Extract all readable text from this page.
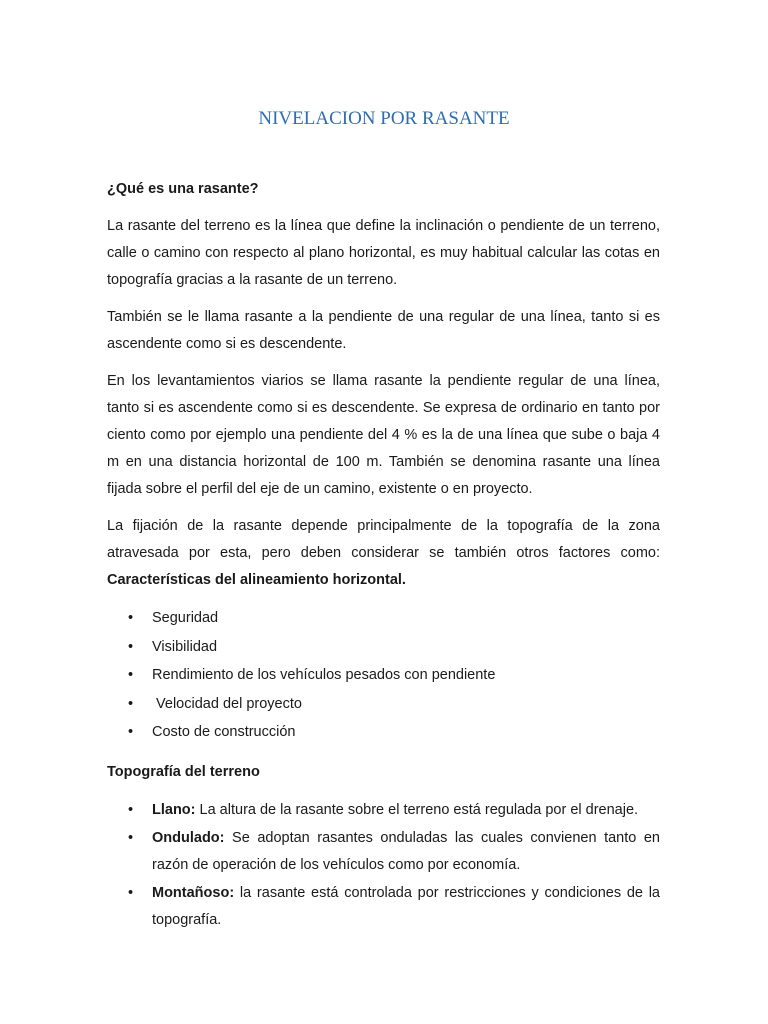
NIVELACION POR RASANTE
¿Qué es una rasante?

La rasante del terreno es la línea que define la inclinación o pendiente de un terreno, calle o camino con respecto al plano horizontal, es muy habitual calcular las cotas en topografía gracias a la rasante de un terreno.

También se le llama rasante a la pendiente de una regular de una línea, tanto si es ascendente como si es descendente.

En los levantamientos viarios se llama rasante la pendiente regular de una línea, tanto si es ascendente como si es descendente. Se expresa de ordinario en tanto por ciento como por ejemplo una pendiente del 4 % es la de una línea que sube o baja 4 m en una distancia horizontal de 100 m. También se denomina rasante una línea fijada sobre el perfil del eje de un camino, existente o en proyecto.

La fijación de la rasante depende principalmente de la topografía de la zona atravesada por esta, pero deben considerar se también otros factores como: Características del alineamiento horizontal.

• Seguridad
• Visibilidad
• Rendimiento de los vehículos pesados con pendiente
•  Velocidad del proyecto
• Costo de construcción
Topografía del terreno
• Llano: La altura de la rasante sobre el terreno está regulada por el drenaje.
• Ondulado: Se adoptan rasantes onduladas las cuales convienen tanto en razón de operación de los vehículos como por economía.
• Montañoso: la rasante está controlada por restricciones y condiciones de la topografía.
